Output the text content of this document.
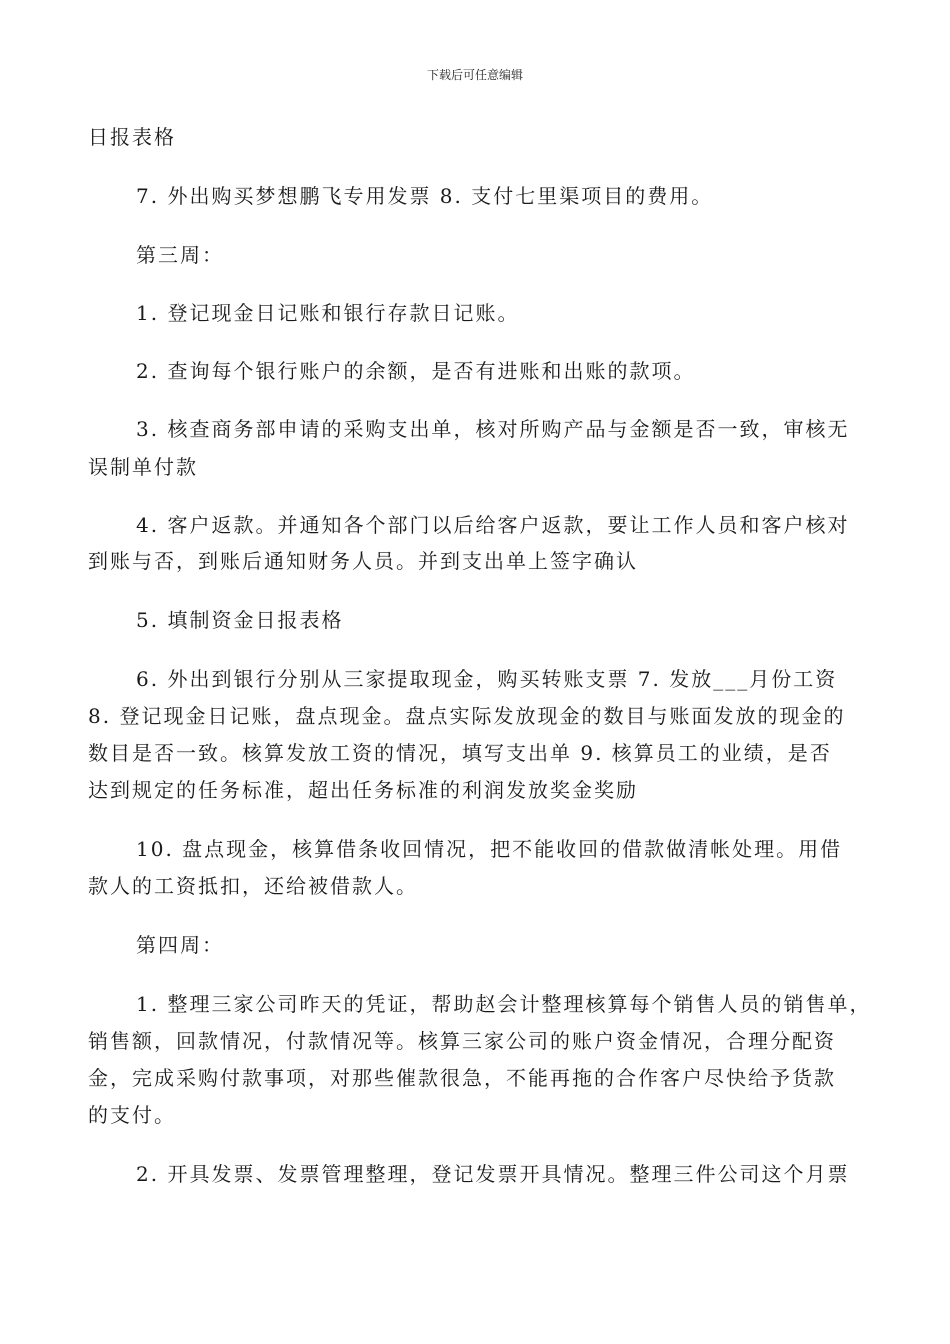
下载后可任意编辑
日报表格
7. 外出购买梦想鹏飞专用发票 8. 支付七里渠项目的费用。
第三周：
1. 登记现金日记账和银行存款日记账。
2. 查询每个银行账户的余额，是否有进账和出账的款项。
3. 核查商务部申请的采购支出单，核对所购产品与金额是否一致，审核无
误制单付款
4. 客户返款。并通知各个部门以后给客户返款，要让工作人员和客户核对
到账与否，到账后通知财务人员。并到支出单上签字确认
5. 填制资金日报表格
6. 外出到银行分别从三家提取现金，购买转账支票 7. 发放___月份工资
8. 登记现金日记账，盘点现金。盘点实际发放现金的数目与账面发放的现金的
数目是否一致。核算发放工资的情况，填写支出单 9. 核算员工的业绩，是否
达到规定的任务标准，超出任务标准的利润发放奖金奖励
10. 盘点现金，核算借条收回情况，把不能收回的借款做清帐处理。用借
款人的工资抵扣，还给被借款人。
第四周：
1. 整理三家公司昨天的凭证，帮助赵会计整理核算每个销售人员的销售单，
销售额，回款情况，付款情况等。核算三家公司的账户资金情况，合理分配资
金，完成采购付款事项，对那些催款很急，不能再拖的合作客户尽快给予货款
的支付。
2. 开具发票、发票管理整理，登记发票开具情况。整理三件公司这个月票
